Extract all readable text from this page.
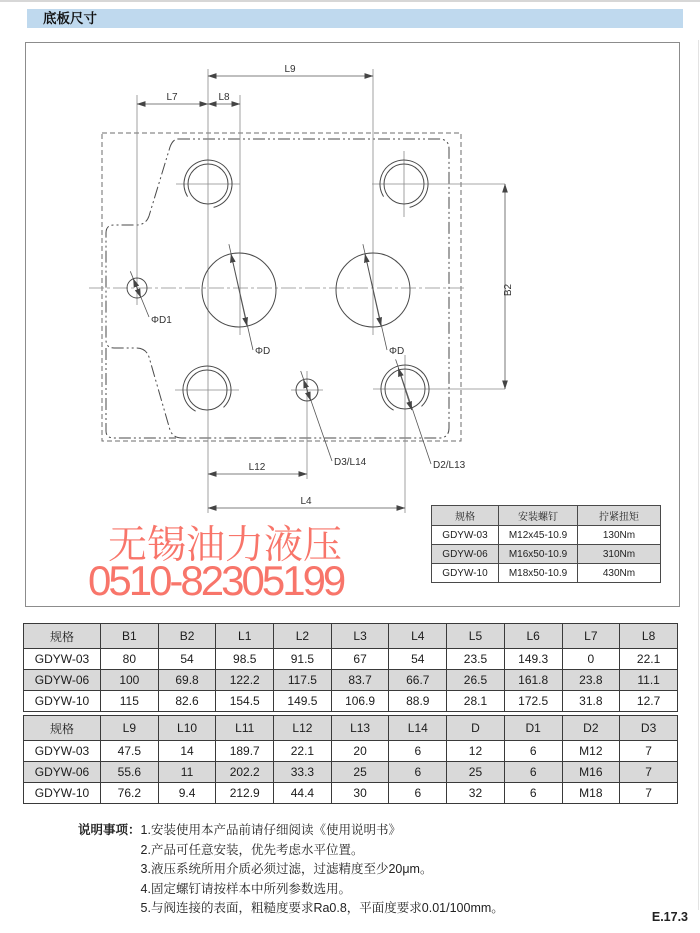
底板尺寸
L9
L7	L8
B2
L12
L4
ΦD1
ΦD	ΦD
D3/L14	D2/L13
规格	安装螺钉	拧紧扭矩
GDYW-03	M12x45-10.9	130Nm
GDYW-06	M16x50-10.9	310Nm
GDYW-10	M18x50-10.9	430Nm
无锡油力液压
0510-82305199
规格	B1	B2	L1	L2	L3	L4	L5	L6	L7	L8
GDYW-03	80	54	98.5	91.5	67	54	23.5	149.3	0	22.1
GDYW-06	100	69.8	122.2	117.5	83.7	66.7	26.5	161.8	23.8	11.1
GDYW-10	115	82.6	154.5	149.5	106.9	88.9	28.1	172.5	31.8	12.7
规格	L9	L10	L11	L12	L13	L14	D	D1	D2	D3
GDYW-03	47.5	14	189.7	22.1	20	6	12	6	M12	7
GDYW-06	55.6	11	202.2	33.3	25	6	25	6	M16	7
GDYW-10	76.2	9.4	212.9	44.4	30	6	32	6	M18	7
说明事项： 1.安装使用本产品前请仔细阅读《使用说明书》
2.产品可任意安装，优先考虑水平位置。
3.液压系统所用介质必须过滤，过滤精度至少20μm。
4.固定螺钉请按样本中所列参数选用。
5.与阀连接的表面，粗糙度要求Ra0.8，平面度要求0.01/100mm。
E.17.3
